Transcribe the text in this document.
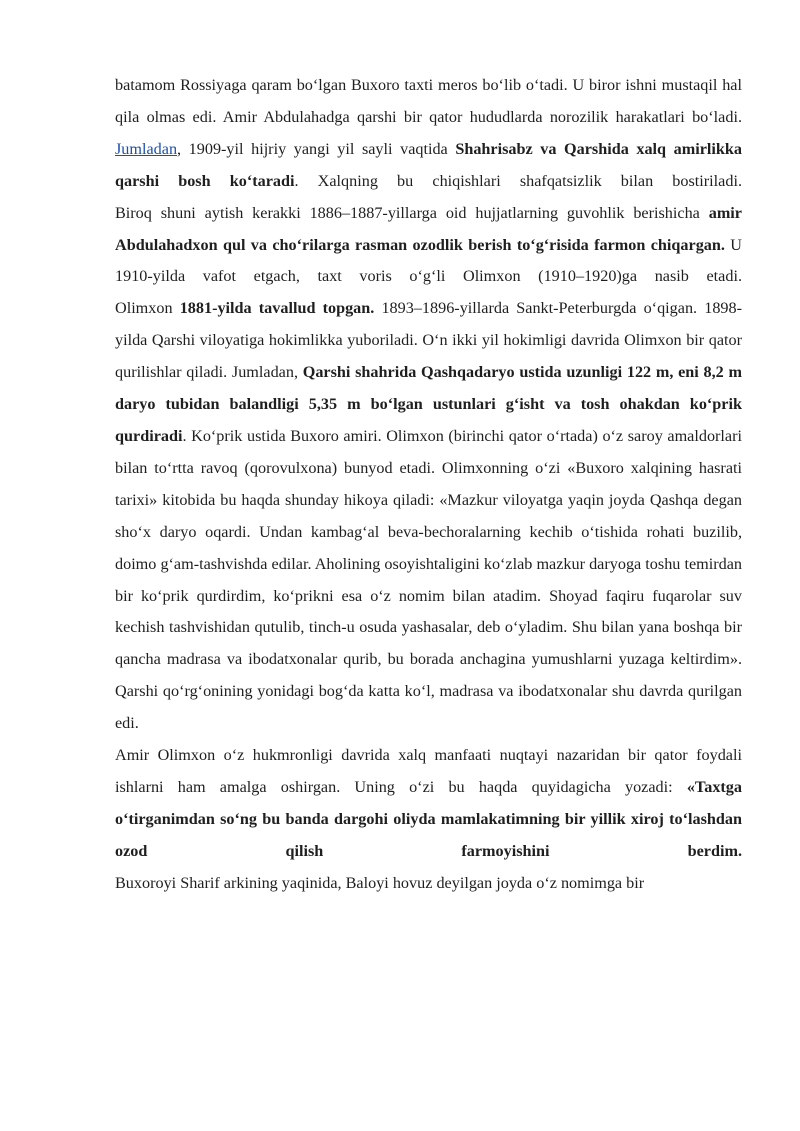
batamom Rossiyaga qaram boʻlgan Buxoro taxti meros boʻlib oʻtadi. U biror ishni mustaqil hal qila olmas edi. Amir Abdulahadga qarshi bir qator hududlarda norozilik harakatlari boʻladi. Jumladan, 1909-yil hijriy yangi yil sayli vaqtida Shahrisabz va Qarshida xalq amirlikka qarshi bosh koʻtaradi. Xalqning bu chiqishlari shafqatsizlik bilan bostiriladi.

Biroq shuni aytish kerakki 1886–1887-yillarga oid hujjatlarning guvohlik berishicha amir Abdulahadxon qul va choʻrilarga rasman ozodlik berish toʻgʻrisida farmon chiqargan. U 1910-yilda vafot etgach, taxt voris oʻgʻli Olimxon (1910–1920)ga nasib etadi.

Olimxon 1881-yilda tavallud topgan. 1893–1896-yillarda Sankt-Peterburgda oʻqigan. 1898-yilda Qarshi viloyatiga hokimlikka yuboriladi. Oʻn ikki yil hokimligi davrida Olimxon bir qator qurilishlar qiladi. Jumladan, Qarshi shahrida Qashqadaryo ustida uzunligi 122 m, eni 8,2 m daryo tubidan balandligi 5,35 m boʻlgan ustunlari gʻisht va tosh ohakdan koʻprik qurdiradi. Koʻprik ustida Buxoro amiri. Olimxon (birinchi qator oʻrtada) oʻz saroy amaldorlari bilan toʻrtta ravoq (qorovulxona) bunyod etadi. Olimxonning oʻzi «Buxoro xalqining hasrati tarixi» kitobida bu haqda shunday hikoya qiladi: «Mazkur viloyatga yaqin joyda Qashqa degan shoʻx daryo oqardi. Undan kambagʻal beva-bechoralarning kechib oʻtishida rohati buzilib, doimo gʻam-tashvishda edilar. Aholining osoyishtaligini koʻzlab mazkur daryoga toshu temirdan bir koʻprik qurdirdim, koʻprikni esa oʻz nomim bilan atadim. Shoyad faqiru fuqarolar suv kechish tashvishidan qutulib, tinch-u osuda yashasalar, deb oʻyladim. Shu bilan yana boshqa bir qancha madrasa va ibodatxonalar qurib, bu borada anchagina yumushlarni yuzaga keltirdim». Qarshi qoʻrgʻonining yonidagi bogʻda katta koʻl, madrasa va ibodatxonalar shu davrda qurilgan edi.

Amir Olimxon oʻz hukmronligi davrida xalq manfaati nuqtayi nazaridan bir qator foydali ishlarni ham amalga oshirgan. Uning oʻzi bu haqda quyidagicha yozadi: «Taxtga oʻtirganimdan soʻng bu banda dargohi oliyda mamlakatimning bir yillik xiroj toʻlashdan ozod qilish farmoyishini berdim.

Buxoroyi Sharif arkining yaqinida, Baloyi hovuz deyilgan joyda oʻz nomimga bir
